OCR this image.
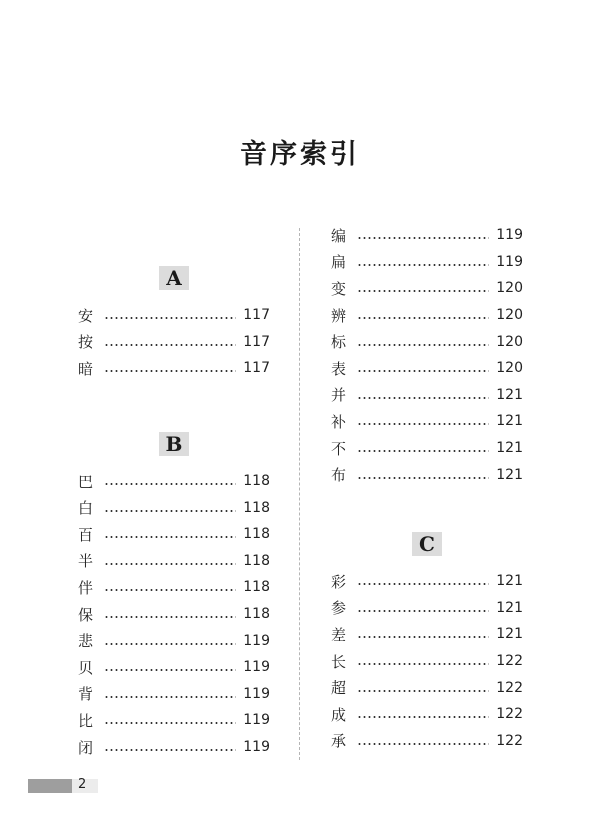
音序索引
A
安	117
按	117
暗	117
B
巴	118
白	118
百	118
半	118
伴	118
保	118
悲	119
贝	119
背	119
比	119
闭	119
编	119
扁	119
变	120
辨	120
标	120
表	120
并	121
补	121
不	121
布	121
C
彩	121
参	121
差	121
长	122
超	122
成	122
承	122
2
